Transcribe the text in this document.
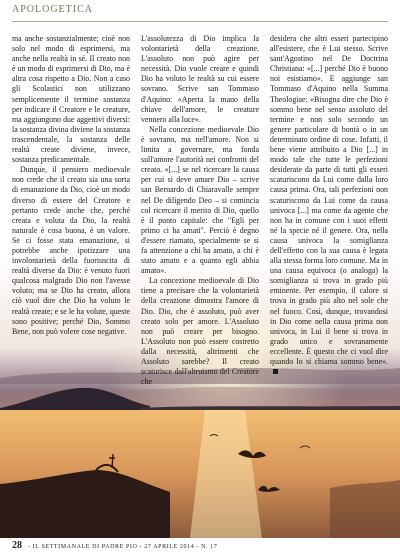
APOLOGETICA

ma anche sostanzialmente; cioè non solo nel modo di esprimersi, ma anche nella realtà in sé. Il creato non è un modo di esprimersi di Dio, ma è altra cosa rispetto a Dio. Non a caso gli Scolastici non utilizzano semplicemente il termine sostanza per indicare il Creatore e le creature, ma aggiungono due aggettivi diversi: la sostanza divina diviene la sostanza trascendentale, la sostanza delle realtà create diviene, invece, sostanza predicamentale.

Dunque, il pensiero medioevale non crede che il creato sia una sorta di emanazione da Dio, cioè un modo diverso di essere del Creatore e pertanto crede anche che, perché creata e voluta da Dio, la realtà naturale è cosa buona, è un valore. Se ci fosse stata emanazione, si potrebbe anche ipotizzare una involontarietà della fuoriuscita di realtà diverse da Dio: è venuto fuori qualcosa malgrado Dio non l'avesse voluto; ma se Dio ha creato, allora ciò vuol dire che Dio ha voluto le realtà create; e se le ha volute, queste sono positive; perché Dio, Sommo Bene, non può volere cose negative.

L'assolutezza di Dio implica la volontarietà della creazione. L'assoluto non può agire per necessità. Dio vuole creare e quindi Dio ha voluto le realtà su cui essere sovrano. Scrive san Tommaso d'Aquino: «Aperta la mano della chiave dell'amore, le creature vennero alla luce».

Nella concezione medioevale Dio è sovrano, ma nell'amore. Non si limita a governare, ma fonda sull'amore l'autorità nei confronti del creato. «[...] se nel ricercare la causa per cui si deve amare Dio – scrive san Bernardo di Chiaravalle sempre nel De diligendo Deo – si comincia col ricercare il merito di Dio, quello è il punto capitale: che "Egli per primo ci ha amati". Perciò è degno d'essere riamato, specialmente se si fa attenzione a chi ha amato, a chi è stato amato e a quanto egli abbia amato».

La concezione medioevale di Dio tiene a precisare che la volontarietà della creazione dimostra l'amore di Dio. Dio, che è assoluto, può aver creato solo per amore. L'Assoluto non può creare per bisogno. L'Assoluto non può essere costretto dalla necessità, altrimenti che Assoluto sarebbe? Il creato scaturisce dall'altruismo del Creatore che

desidera che altri esseri partecipino all'esistere, che è Lui stesso. Scrive sant'Agostino nel De Doctrina Christiana: «[...] perché Dio è buono noi esistiamo». E aggiunge san Tommaso d'Aquino nella Summa Theologiae: «Bisogna dire che Dio è sommo bene nel senso assoluto del termine e non solo secondo un genere particolare di bontà o in un determinato ordine di cose. Infatti, il bene viene attribuito a Dio [...] in modo tale che tutte le perfezioni desiderate da parte di tutti gli esseri scaturiscono da Lui come dalla loro causa prima. Ora, tali perfezioni non scaturiscono da Lui come da causa univoca [...] ma come da agente che non ha in comune con i suoi effetti né la specie né il genere. Ora, nella causa univoca la somiglianza dell'effetto con la sua causa è legata alla stessa forma loro comune. Ma in una causa equivoca (o analoga) la somiglianza si trova in grado più eminente. Per esempio, il calore si trova in grado più alto nel sole che nel fuoco. Così, dunque, trovandosi in Dio come nella causa prima non univoca, in Lui il bene si trova in grado unico e sovranamente eccellente. È questo che ci vuol dire quando lo si chiama sommo bene».

28 - IL SETTIMANALE DI PADRE PIO - 27 APRILE 2014 - N. 17
